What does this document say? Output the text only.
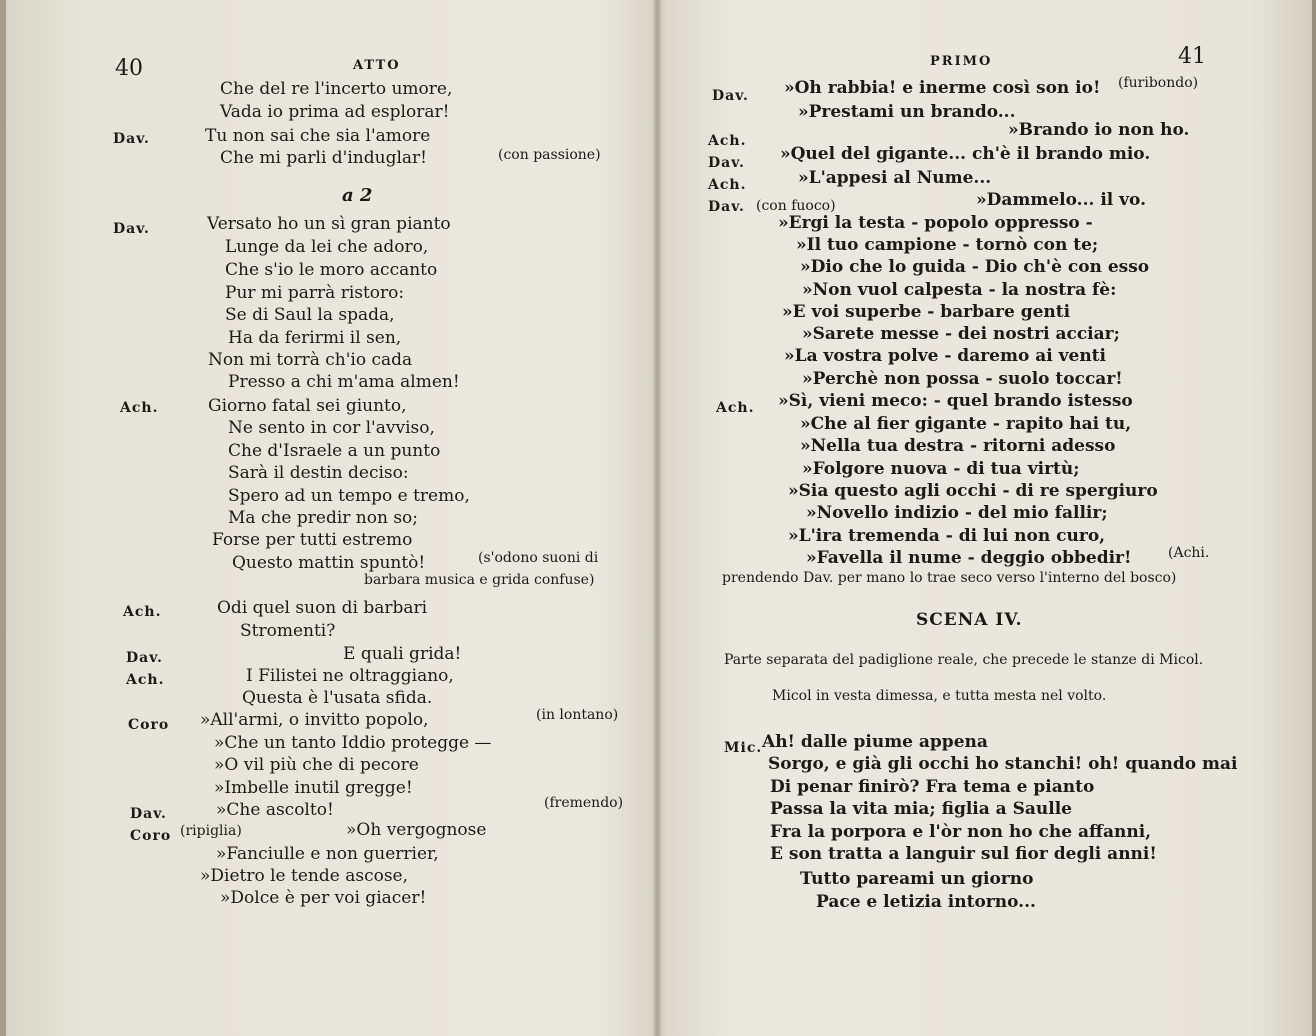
40	ATTO
Che del re l'incerto umore,
Vada io prima ad esplorar!
Dav.	Tu non sai che sia l'amore
Che mi parli d'induglar!	(con passione)
a 2
Dav.	Versato ho un sì gran pianto
Lunge da lei che adoro,
Che s'io le moro accanto
Pur mi parrà ristoro:
Se di Saul la spada,
Ha da ferirmi il sen,
Non mi torrà ch'io cada
Presso a chi m'ama almen!
Ach.	Giorno fatal sei giunto,
Ne sento in cor l'avviso,
Che d'Israele a un punto
Sarà il destin deciso:
Spero ad un tempo e tremo,
Ma che predir non so;
Forse per tutti estremo
Questo mattin spuntò!	(s'odono suoni di
barbara musica e grida confuse)
Ach.	Odi quel suon di barbari
Stromenti?
Dav.	E quali grida!
Ach.	I Filistei ne oltraggiano,
Questa è l'usata sfida.
Coro »All'armi, o invitto popolo,	(in lontano)
»Che un tanto Iddio protegge —
»O vil più che di pecore
»Imbelle inutil gregge!
Dav.	»Che ascolto!	(fremendo)
Coro (ripiglia)	»Oh vergognose
»Fanciulle e non guerrier,
»Dietro le tende ascose,
»Dolce è per voi giacer!
PRIMO	41
Dav. »Oh rabbia! e inerme così son io! (furibondo)
»Prestami un brando...
Ach.
»Brando io non ho.
Dav. »Quel del gigante... ch'è il brando mio.
Ach.	»L'appesi al Nume...
Dav. (con fuoco)	»Dammelo... il vo.
»Ergi la testa - popolo oppresso -
»Il tuo campione - tornò con te;
»Dio che lo guida - Dio ch'è con esso
»Non vuol calpesta - la nostra fè:
»E voi superbe - barbare genti
»Sarete messe - dei nostri acciar;
»La vostra polve - daremo ai venti
»Perchè non possa - suolo toccar!
Ach. »Sì, vieni meco: - quel brando istesso
»Che al fier gigante - rapito hai tu,
»Nella tua destra - ritorni adesso
»Folgore nuova - di tua virtù;
»Sia questo agli occhi - di re spergiuro
»Novello indizio - del mio fallir;
»L'ira tremenda - di lui non curo,
»Favella il nume - deggio obbedir!	(Achi.
prendendo Dav. per mano lo trae seco verso l'interno del bosco)
SCENA IV.
Parte separata del padiglione reale, che precede le stanze di Micol.
Micol in vesta dimessa, e tutta mesta nel volto.
Mic. Ah! dalle piume appena
Sorgo, e già gli occhi ho stanchi! oh! quando mai
Di penar finirò? Fra tema e pianto
Passa la vita mia; figlia a Saulle
Fra la porpora e l'òr non ho che affanni,
E son tratta a languir sul fior degli anni!
Tutto pareami un giorno
Pace e letizia intorno...
